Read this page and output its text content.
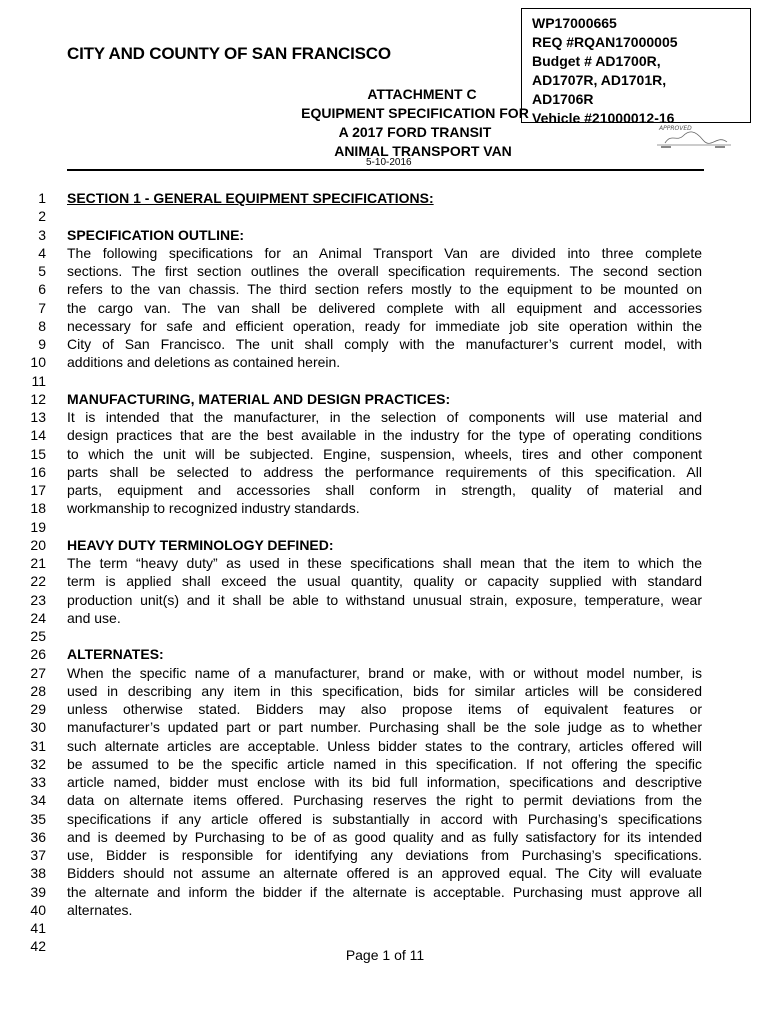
CITY AND COUNTY OF SAN FRANCISCO
WP17000665
REQ #RQAN17000005
Budget # AD1700R,
AD1707R, AD1701R,
AD1706R
Vehicle #21000012-16
ATTACHMENT C
EQUIPMENT SPECIFICATION FOR
A 2017 FORD TRANSIT
ANIMAL TRANSPORT VAN
APPROVED
5-10-2016
1 SECTION 1 - GENERAL EQUIPMENT SPECIFICATIONS:
2
3 SPECIFICATION OUTLINE:
4 The following specifications for an Animal Transport Van are divided into three complete
5 sections. The first section outlines the overall specification requirements. The second section
6 refers to the van chassis. The third section refers mostly to the equipment to be mounted on
7 the cargo van. The van shall be delivered complete with all equipment and accessories
8 necessary for safe and efficient operation, ready for immediate job site operation within the
9 City of San Francisco. The unit shall comply with the manufacturer’s current model, with
10 additions and deletions as contained herein.
11
12 MANUFACTURING, MATERIAL AND DESIGN PRACTICES:
13 It is intended that the manufacturer, in the selection of components will use material and
14 design practices that are the best available in the industry for the type of operating conditions
15 to which the unit will be subjected. Engine, suspension, wheels, tires and other component
16 parts shall be selected to address the performance requirements of this specification. All
17 parts, equipment and accessories shall conform in strength, quality of material and
18 workmanship to recognized industry standards.
19
20 HEAVY DUTY TERMINOLOGY DEFINED:
21 The term “heavy duty” as used in these specifications shall mean that the item to which the
22 term is applied shall exceed the usual quantity, quality or capacity supplied with standard
23 production unit(s) and it shall be able to withstand unusual strain, exposure, temperature, wear
24 and use.
25
26 ALTERNATES:
27 When the specific name of a manufacturer, brand or make, with or without model number, is
28 used in describing any item in this specification, bids for similar articles will be considered
29 unless otherwise stated. Bidders may also propose items of equivalent features or
30 manufacturer’s updated part or part number. Purchasing shall be the sole judge as to whether
31 such alternate articles are acceptable. Unless bidder states to the contrary, articles offered will
32 be assumed to be the specific article named in this specification. If not offering the specific
33 article named, bidder must enclose with its bid full information, specifications and descriptive
34 data on alternate items offered. Purchasing reserves the right to permit deviations from the
35 specifications if any article offered is substantially in accord with Purchasing’s specifications
36 and is deemed by Purchasing to be of as good quality and as fully satisfactory for its intended
37 use, Bidder is responsible for identifying any deviations from Purchasing’s specifications.
38 Bidders should not assume an alternate offered is an approved equal. The City will evaluate
39 the alternate and inform the bidder if the alternate is acceptable. Purchasing must approve all
40 alternates.
41
42
Page 1 of 11
